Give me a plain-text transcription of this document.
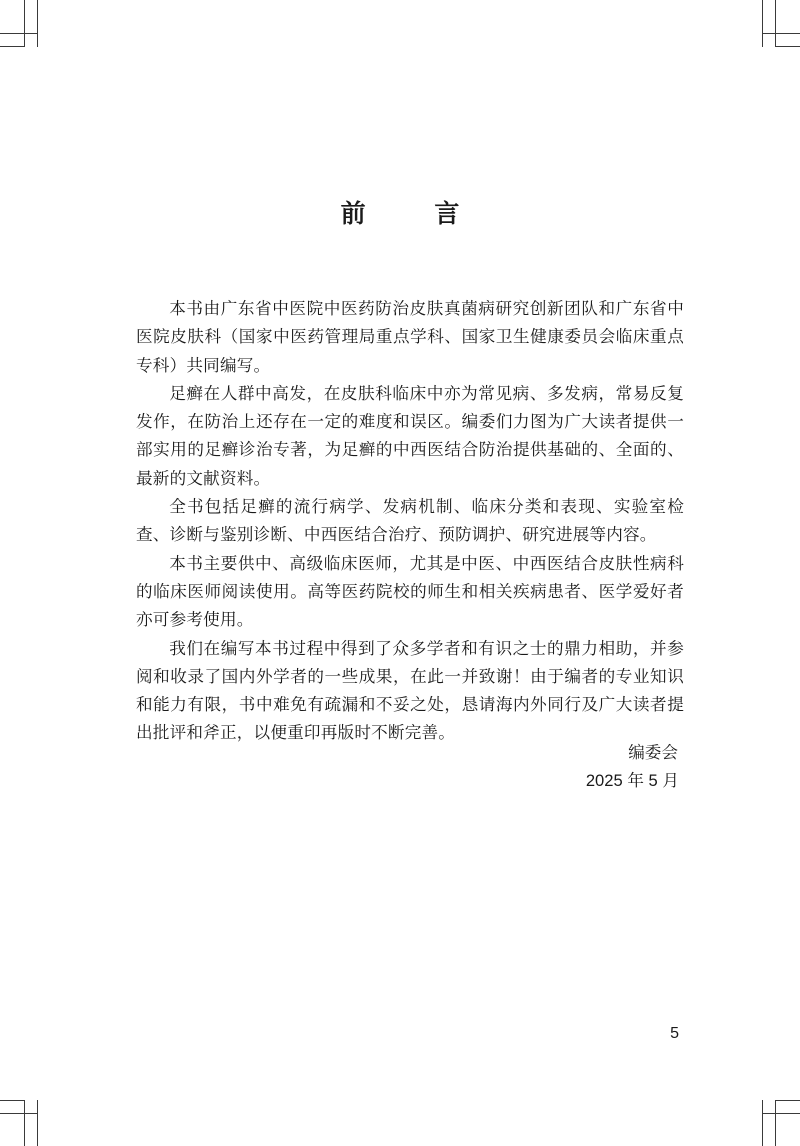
前 言

本书由广东省中医院中医药防治皮肤真菌病研究创新团队和广东省中医院皮肤科（国家中医药管理局重点学科、国家卫生健康委员会临床重点专科）共同编写。

足癣在人群中高发，在皮肤科临床中亦为常见病、多发病，常易反复发作，在防治上还存在一定的难度和误区。编委们力图为广大读者提供一部实用的足癣诊治专著，为足癣的中西医结合防治提供基础的、全面的、最新的文献资料。

全书包括足癣的流行病学、发病机制、临床分类和表现、实验室检查、诊断与鉴别诊断、中西医结合治疗、预防调护、研究进展等内容。

本书主要供中、高级临床医师，尤其是中医、中西医结合皮肤性病科的临床医师阅读使用。高等医药院校的师生和相关疾病患者、医学爱好者亦可参考使用。

我们在编写本书过程中得到了众多学者和有识之士的鼎力相助，并参阅和收录了国内外学者的一些成果，在此一并致谢！由于编者的专业知识和能力有限，书中难免有疏漏和不妥之处，恳请海内外同行及广大读者提出批评和斧正，以便重印再版时不断完善。

编委会
2025 年 5 月
5
